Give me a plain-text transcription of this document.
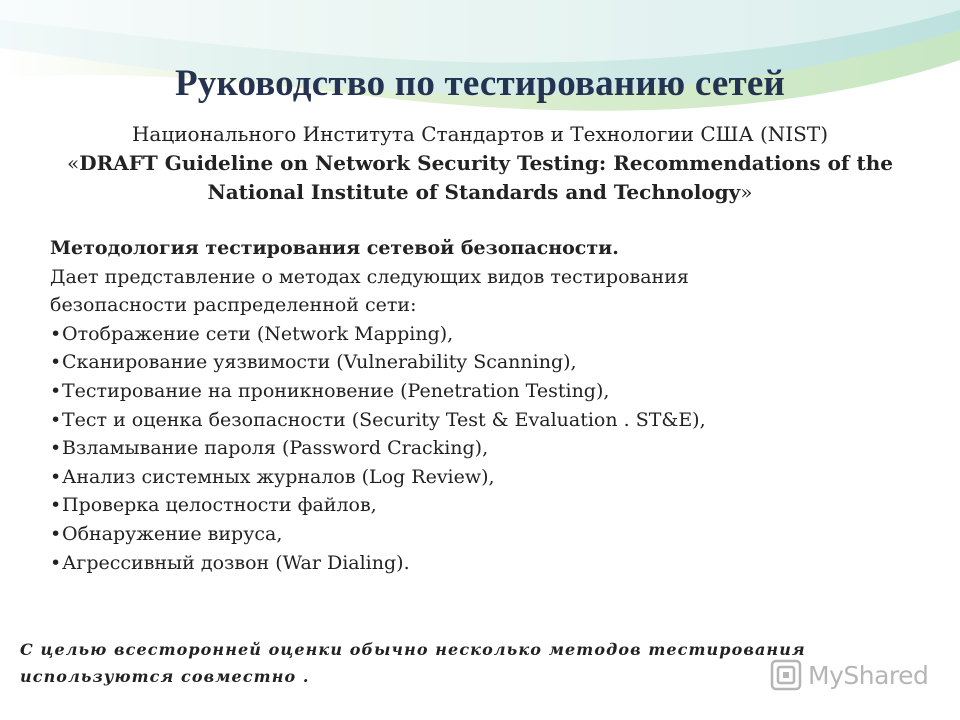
Руководство по тестированию сетей
Национального Института Стандартов и Технологии США (NIST)
«DRAFT Guideline on Network Security Testing: Recommendations of the
National Institute of Standards and Technology»
Методология тестирования сетевой безопасности.
Дает представление о методах следующих видов тестирования
безопасности распределенной сети:
•Отображение сети (Network Mapping),
•Сканирование уязвимости (Vulnerability Scanning),
•Тестирование на проникновение (Penetration Testing),
•Тест и оценка безопасности (Security Test & Evaluation . ST&E),
•Взламывание пароля (Password Cracking),
•Анализ системных журналов (Log Review),
•Проверка целостности файлов,
•Обнаружение вируса,
•Агрессивный дозвон (War Dialing).
С целью всесторонней оценки обычно несколько методов тестирования
используются совместно .	MyShared
